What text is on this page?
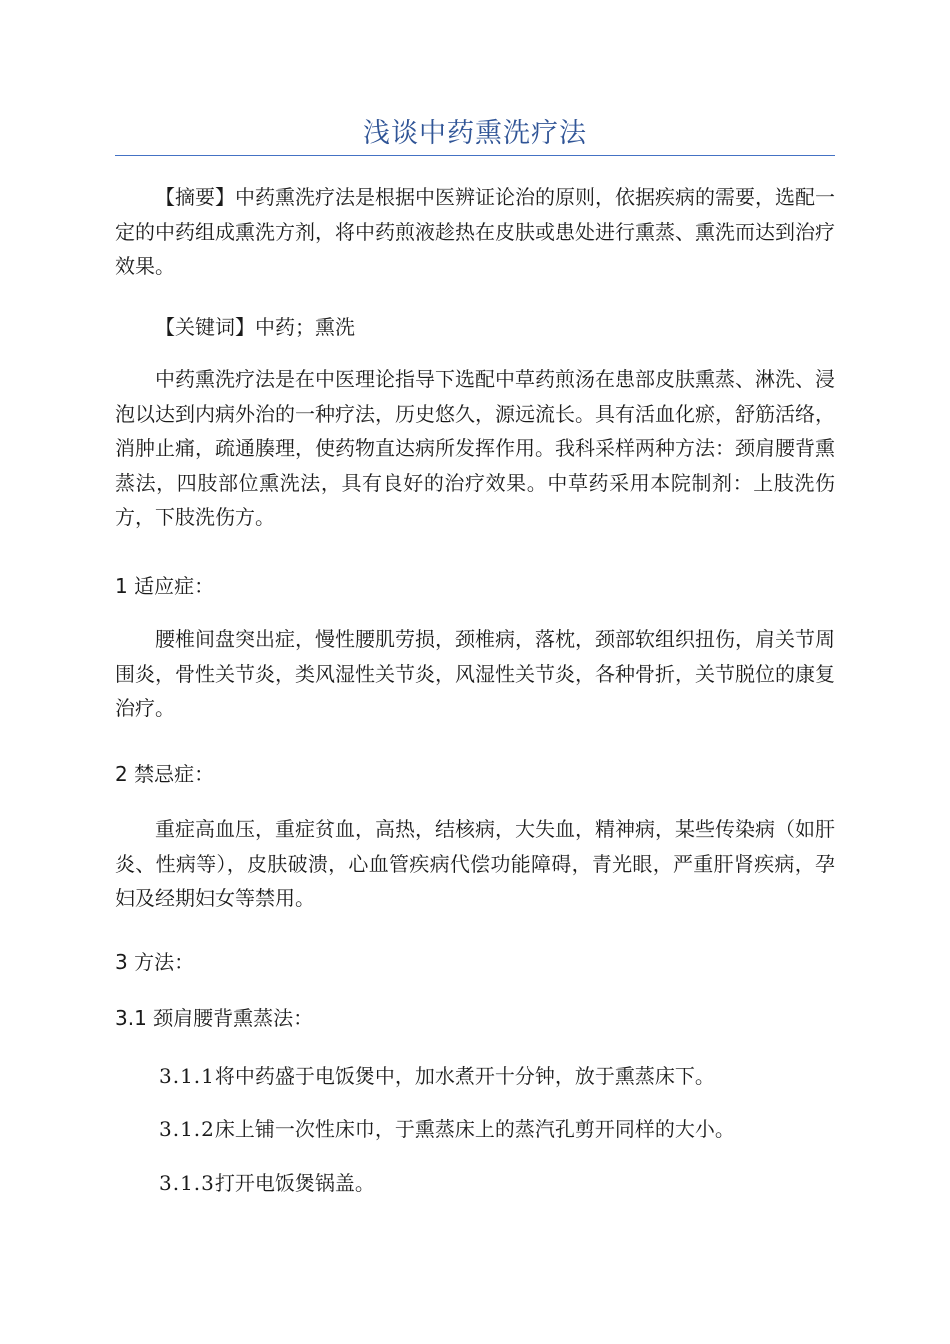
浅谈中药熏洗疗法

【摘要】中药熏洗疗法是根据中医辨证论治的原则，依据疾病的需要，选配一定的中药组成熏洗方剂，将中药煎液趁热在皮肤或患处进行熏蒸、熏洗而达到治疗效果。

【关键词】中药；熏洗

中药熏洗疗法是在中医理论指导下选配中草药煎汤在患部皮肤熏蒸、淋洗、浸泡以达到内病外治的一种疗法，历史悠久，源远流长。具有活血化瘀，舒筋活络，消肿止痛，疏通腠理，使药物直达病所发挥作用。我科采样两种方法：颈肩腰背熏蒸法，四肢部位熏洗法，具有良好的治疗效果。中草药采用本院制剂：上肢洗伤方，下肢洗伤方。

1 适应症：

腰椎间盘突出症，慢性腰肌劳损，颈椎病，落枕，颈部软组织扭伤，肩关节周围炎，骨性关节炎，类风湿性关节炎，风湿性关节炎，各种骨折，关节脱位的康复治疗。

2 禁忌症：

重症高血压，重症贫血，高热，结核病，大失血，精神病，某些传染病（如肝炎、性病等），皮肤破溃，心血管疾病代偿功能障碍，青光眼，严重肝肾疾病，孕妇及经期妇女等禁用。

3 方法：

3.1 颈肩腰背熏蒸法：

3.1.1将中药盛于电饭煲中，加水煮开十分钟，放于熏蒸床下。

3.1.2床上铺一次性床巾，于熏蒸床上的蒸汽孔剪开同样的大小。

3.1.3打开电饭煲锅盖。
